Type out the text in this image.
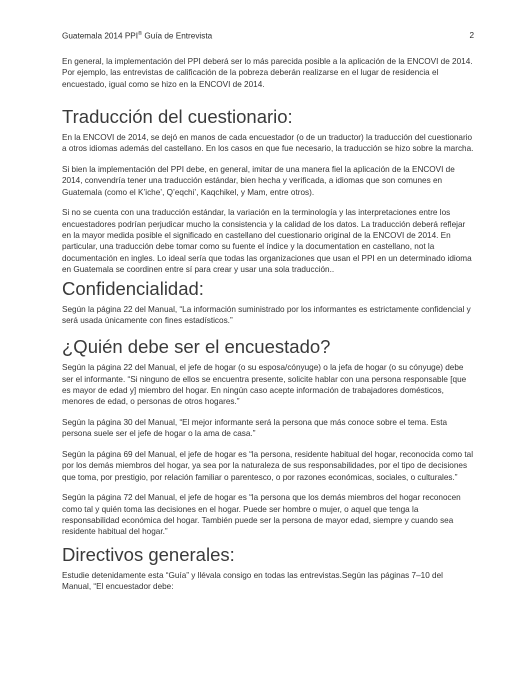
Guatemala 2014 PPI® Guía de Entrevista	2

En general, la implementación del PPI deberá ser lo más parecida posible a la aplicación de la ENCOVI de 2014. Por ejemplo, las entrevistas de calificación de la pobreza deberán realizarse en el lugar de residencia el encuestado, igual como se hizo en la ENCOVI de 2014.

Traducción del cuestionario:

En la ENCOVI de 2014, se dejó en manos de cada encuestador (o de un traductor) la traducción del cuestionario a otros idiomas además del castellano. En los casos en que fue necesario, la traducción se hizo sobre la marcha.

Si bien la implementación del PPI debe, en general, imitar de una manera fiel la aplicación de la ENCOVI de 2014, convendría tener una traducción estándar, bien hecha y verificada, a idiomas que son comunes en Guatemala (como el K’iche’, Q’eqchi’, Kaqchikel, y Mam, entre otros).

Si no se cuenta con una traducción estándar, la variación en la terminología y las interpretaciones entre los encuestadores podrían perjudicar mucho la consistencia y la calidad de los datos. La traducción deberá reflejar en la mayor medida posible el significado en castellano del cuestionario original de la ENCOVI de 2014. En particular, una traducción debe tomar como su fuente el índice y la documentation en castellano, not la documentación en ingles. Lo ideal sería que todas las organizaciones que usan el PPI en un determinado idioma en Guatemala se coordinen entre sí para crear y usar una sola traducción..

Confidencialidad:

Según la página 22 del Manual, “La información suministrado por los informantes es estrictamente confidencial y será usada únicamente con fines estadísticos.”

¿Quién debe ser el encuestado?

Según la página 22 del Manual, el jefe de hogar (o su esposa/cónyuge) o la jefa de hogar (o su cónyuge) debe ser el informante. “Si ninguno de ellos se encuentra presente, solicite hablar con una persona responsable [que es mayor de edad y] miembro del hogar. En ningún caso acepte información de trabajadores domésticos, menores de edad, o personas de otros hogares.”

Según la página 30 del Manual, “El mejor informante será la persona que más conoce sobre el tema. Esta persona suele ser el jefe de hogar o la ama de casa.”

Según la página 69 del Manual, el jefe de hogar es “la persona, residente habitual del hogar, reconocida como tal por los demás miembros del hogar, ya sea por la naturaleza de sus responsabilidades, por el tipo de decisiones que toma, por prestigio, por relación familiar o parentesco, o por razones económicas, sociales, o culturales.”

Según la página 72 del Manual, el jefe de hogar es “la persona que los demás miembros del hogar reconocen como tal y quién toma las decisiones en el hogar. Puede ser hombre o mujer, o aquel que tenga la responsabilidad económica del hogar. También puede ser la persona de mayor edad, siempre y cuando sea residente habitual del hogar.”

Directivos generales:

Estudie detenidamente esta “Guía” y llévala consigo en todas las entrevistas.Según las páginas 7–10 del Manual, “El encuestador debe:
